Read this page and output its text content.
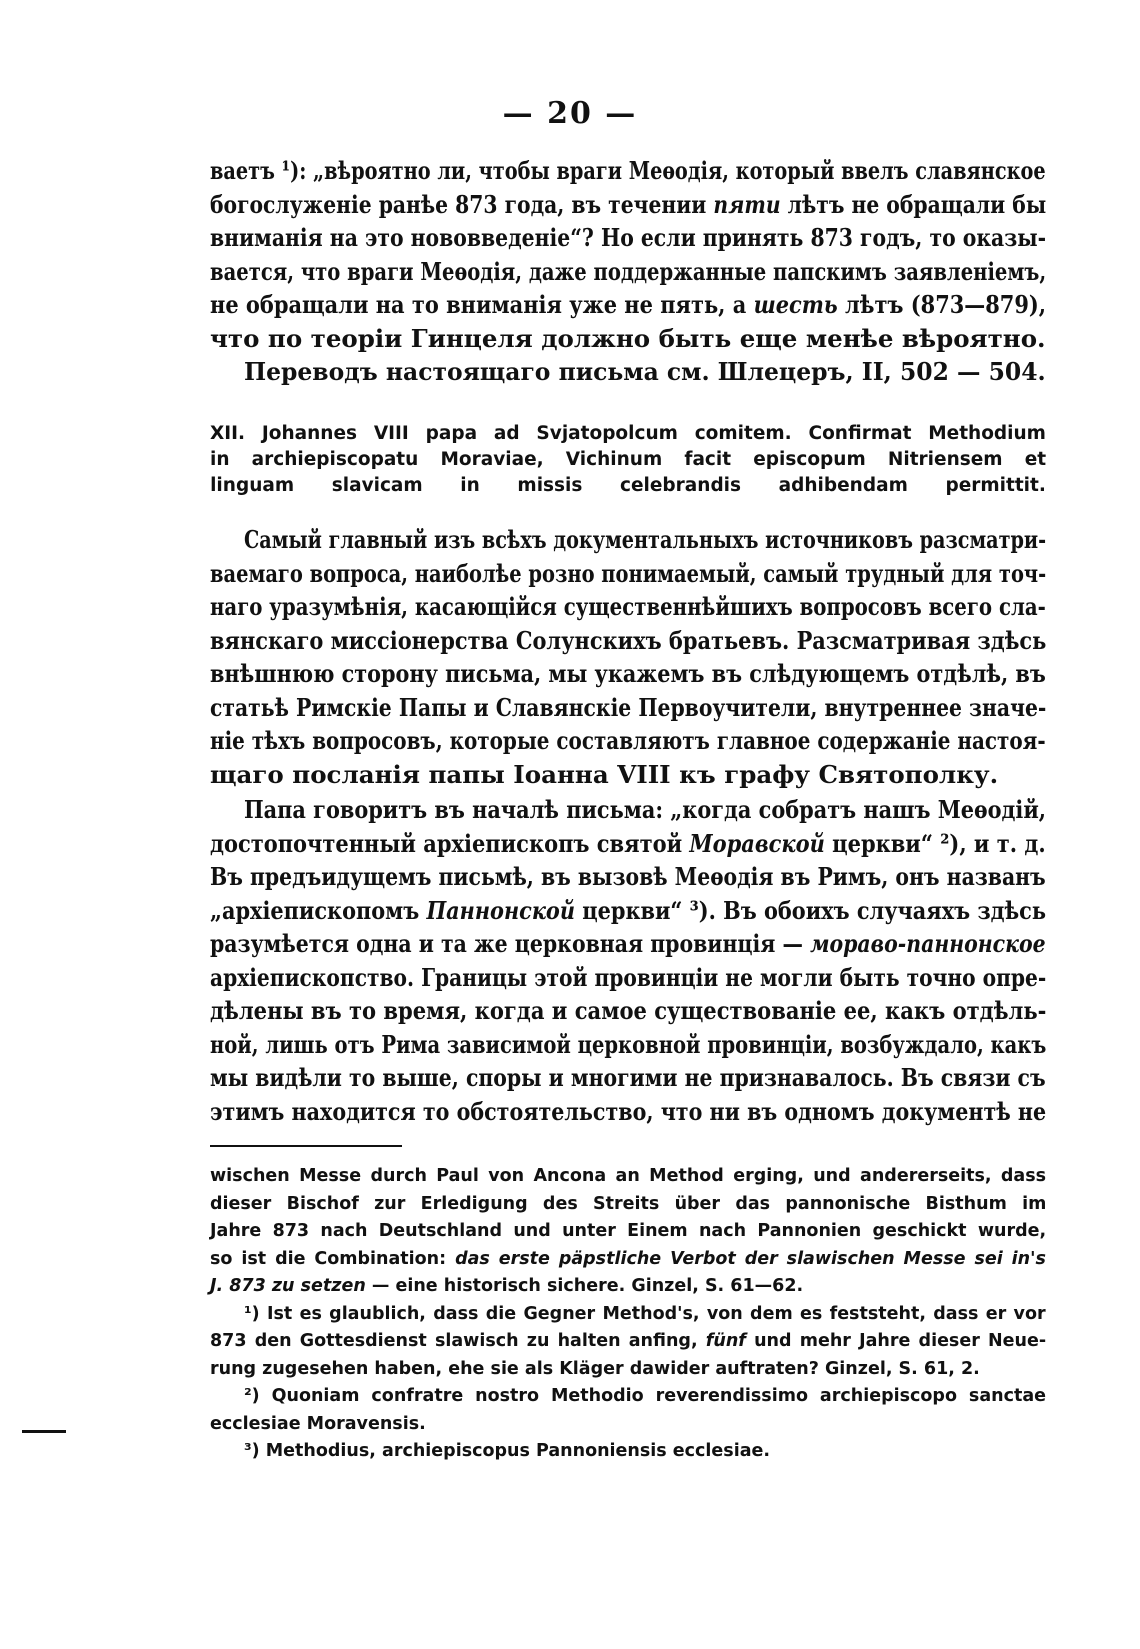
— 20 —
ваетъ ¹): „вѣроятно ли, чтобы враги Меѳодія, который ввелъ славянское
богослуженіе ранѣе 873 года, въ течении пяти лѣтъ не обращали бы
вниманія на это нововведеніе“? Но если принять 873 годъ, то оказы-
вается, что враги Меѳодія, даже поддержанные папскимъ заявленіемъ,
не обращали на то вниманія уже не пять, а шесть лѣтъ (873—879),
что по теоріи Гинцеля должно быть еще менѣе вѣроятно.
Переводъ настоящаго письма см. Шлецеръ, II, 502 — 504.
XII. Johannes VIII papa ad Svjatopolcum comitem. Confirmat Methodium
in archiepiscopatu Moraviae, Vichinum facit episcopum Nitriensem et
linguam slavicam in missis celebrandis adhibendam permittit.
Самый главный изъ всѣхъ документальныхъ источниковъ разсматри-
ваемаго вопроса, наиболѣе розно понимаемый, самый трудный для точ-
наго уразумѣнія, касающійся существеннѣйшихъ вопросовъ всего сла-
вянскаго миссіонерства Солунскихъ братьевъ. Разсматривая здѣсь
внѣшнюю сторону письма, мы укажемъ въ слѣдующемъ отдѣлѣ, въ
статьѣ Римскіе Папы и Славянскіе Первоучители, внутреннее значе-
ніе тѣхъ вопросовъ, которые составляютъ главное содержаніе настоя-
щаго посланія папы Іоанна VIII къ графу Святополку.
Папа говоритъ въ началѣ письма: „когда собратъ нашъ Меѳодій,
достопочтенный архіепископъ святой Моравской церкви“ ²), и т. д.
Въ предъидущемъ письмѣ, въ вызовѣ Меѳодія въ Римъ, онъ названъ
„архіепископомъ Паннонской церкви“ ³). Въ обоихъ случаяхъ здѣсь
разумѣется одна и та же церковная провинція — мораво-паннонское
архіепископство. Границы этой провинціи не могли быть точно опре-
дѣлены въ то время, когда и самое существованіе ее, какъ отдѣль-
ной, лишь отъ Рима зависимой церковной провинціи, возбуждало, какъ
мы видѣли то выше, споры и многими не признавалось. Въ связи съ
этимъ находится то обстоятельство, что ни въ одномъ документѣ не
wischen Messe durch Paul von Ancona an Method erging, und andererseits, dass
dieser Bischof zur Erledigung des Streits über das pannonische Bisthum im
Jahre 873 nach Deutschland und unter Einem nach Pannonien geschickt wurde,
so ist die Combination: das erste päpstliche Verbot der slawischen Messe sei in's
J. 873 zu setzen — eine historisch sichere. Ginzel, S. 61—62.
¹) Ist es glaublich, dass die Gegner Method's, von dem es feststeht, dass er vor
873 den Gottesdienst slawisch zu halten anfing, fünf und mehr Jahre dieser Neue-
rung zugesehen haben, ehe sie als Kläger dawider auftraten? Ginzel, S. 61, 2.
²) Quoniam confratre nostro Methodio reverendissimo archiepiscopo sanctae
ecclesiae Moravensis.
³) Methodius, archiepiscopus Pannoniensis ecclesiae.
